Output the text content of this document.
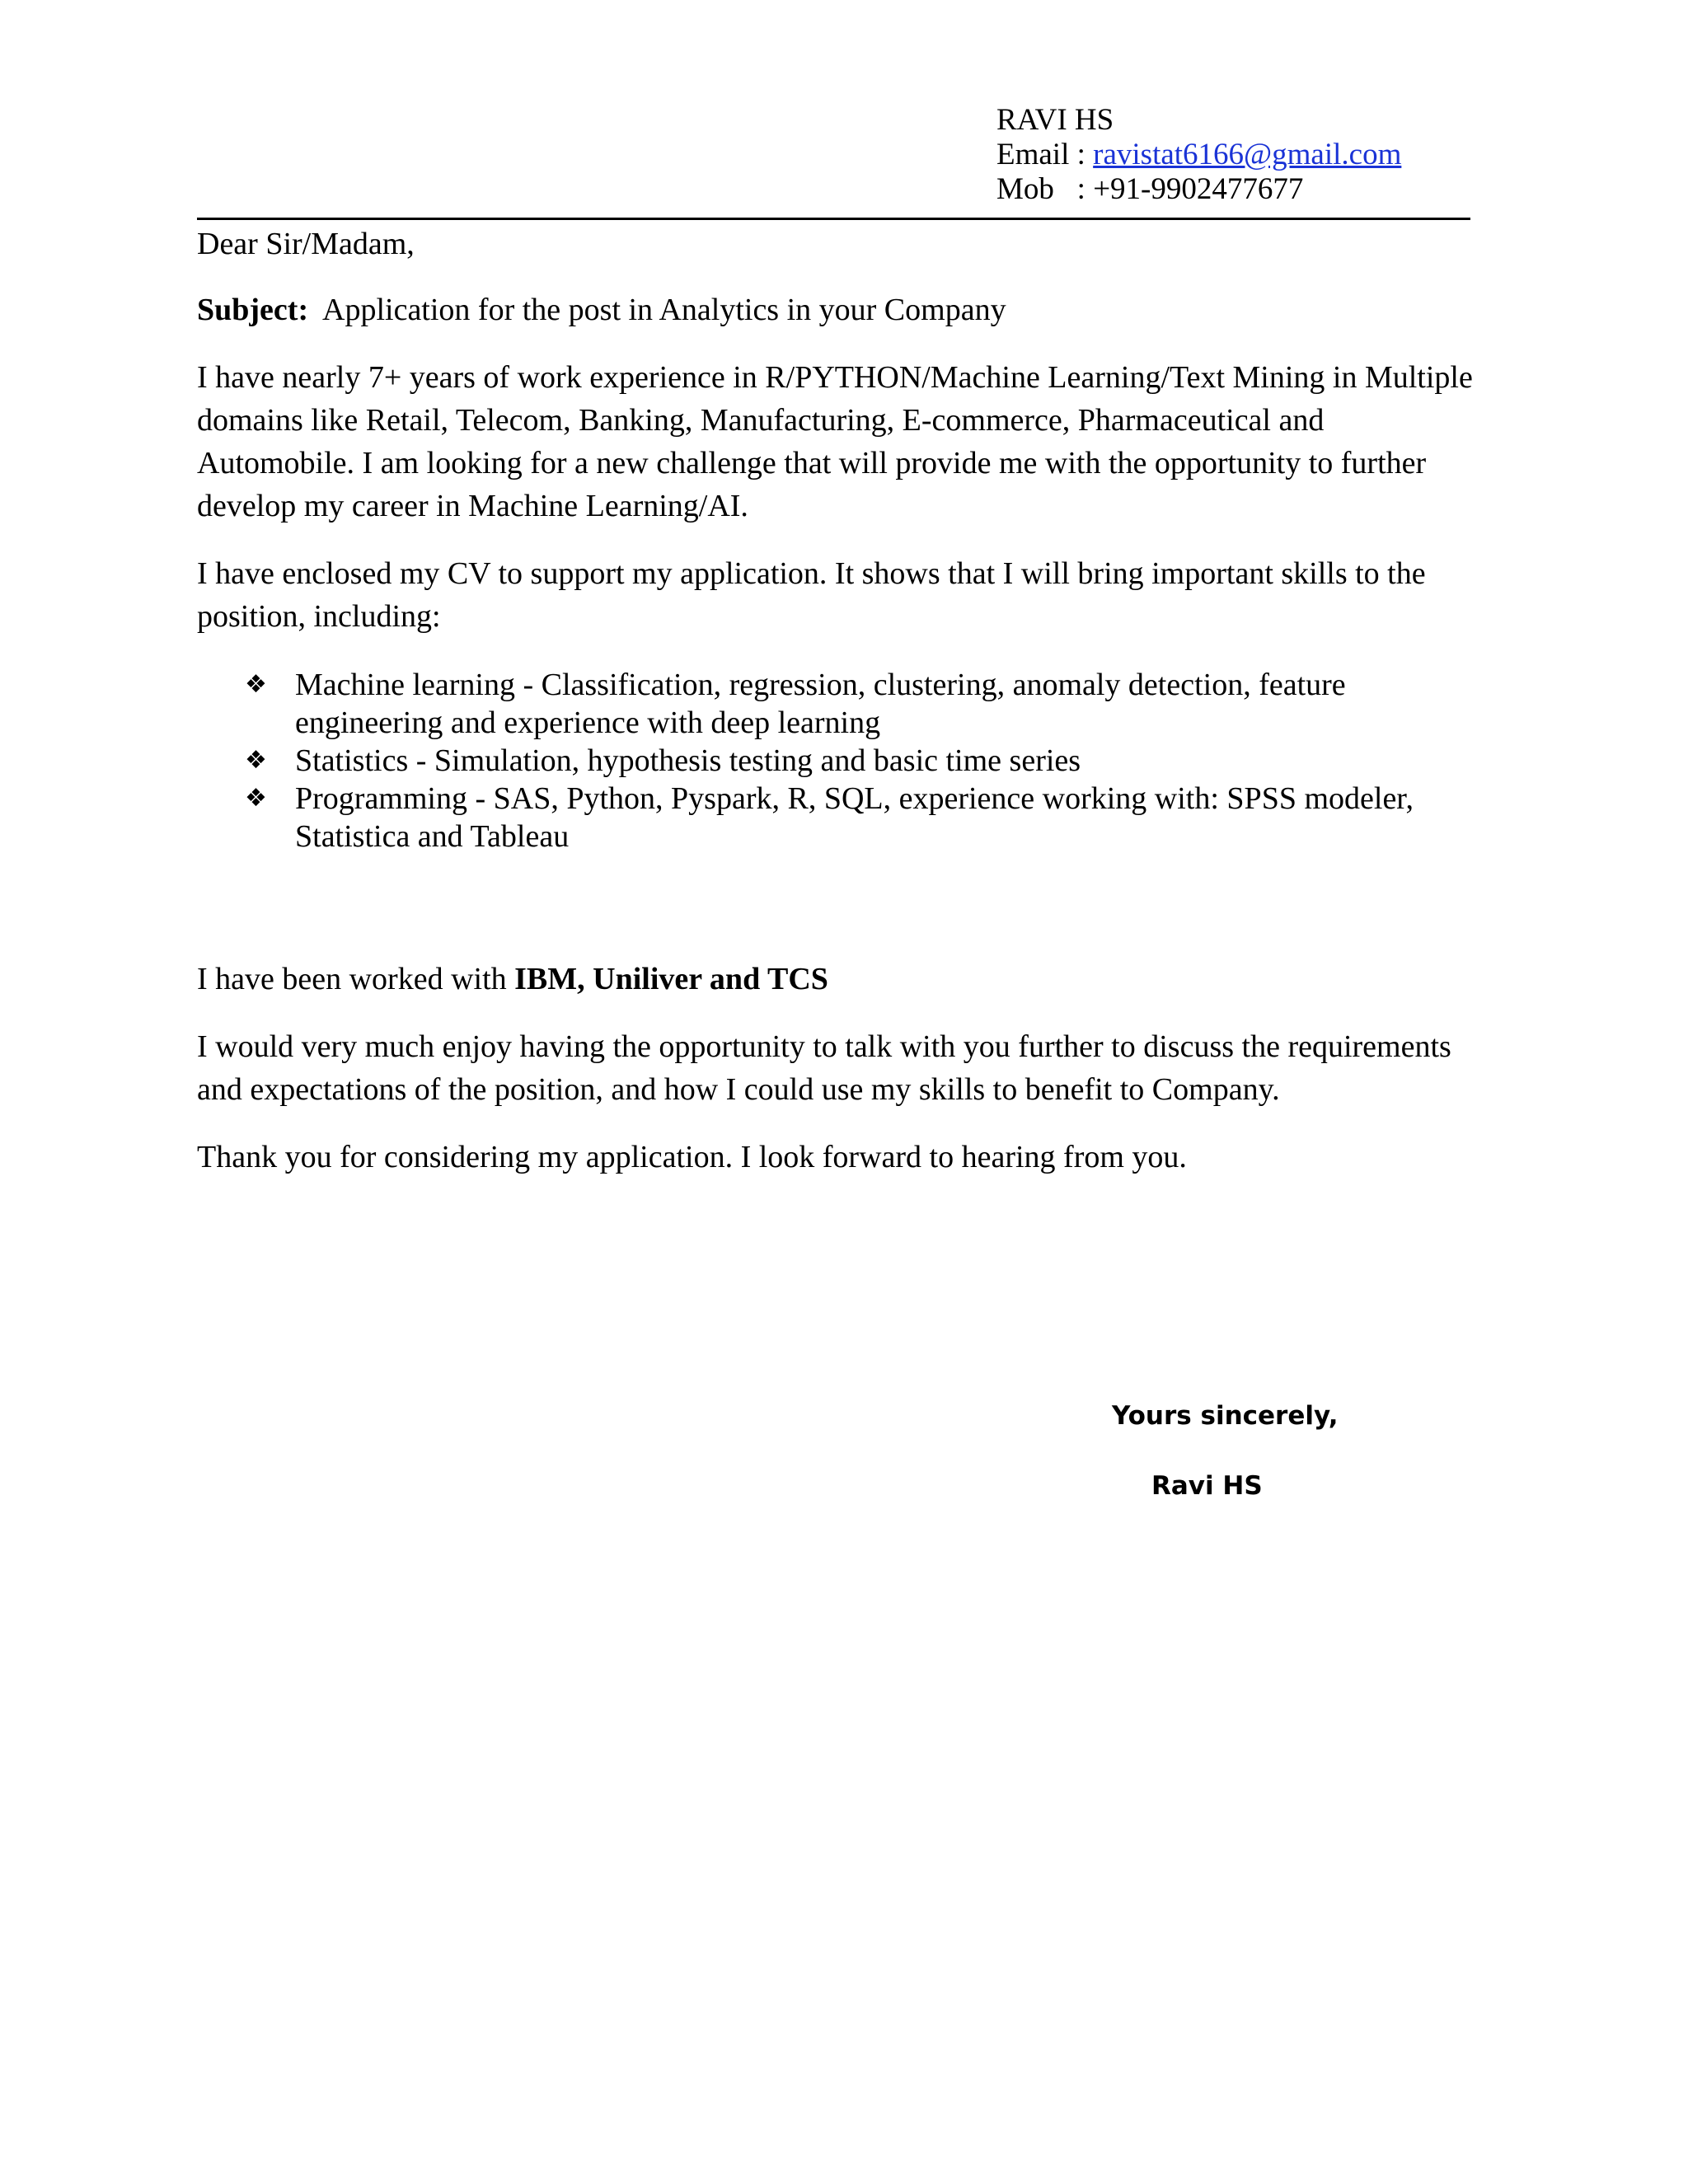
RAVI HS
Email : ravistat6166@gmail.com
Mob   : +91-9902477677

Dear Sir/Madam,

Subject: Application for the post in Analytics in your Company

I have nearly 7+ years of work experience in R/PYTHON/Machine Learning/Text Mining in Multiple domains like Retail, Telecom, Banking, Manufacturing, E-commerce, Pharmaceutical and Automobile. I am looking for a new challenge that will provide me with the opportunity to further develop my career in Machine Learning/AI.

I have enclosed my CV to support my application. It shows that I will bring important skills to the position, including:

❖ Machine learning - Classification, regression, clustering, anomaly detection, feature engineering and experience with deep learning
❖ Statistics - Simulation, hypothesis testing and basic time series
❖ Programming - SAS, Python, Pyspark, R, SQL, experience working with: SPSS modeler, Statistica and Tableau

I have been worked with IBM, Uniliver and TCS

I would very much enjoy having the opportunity to talk with you further to discuss the requirements and expectations of the position, and how I could use my skills to benefit to Company.

Thank you for considering my application. I look forward to hearing from you.

Yours sincerely,
Ravi HS
